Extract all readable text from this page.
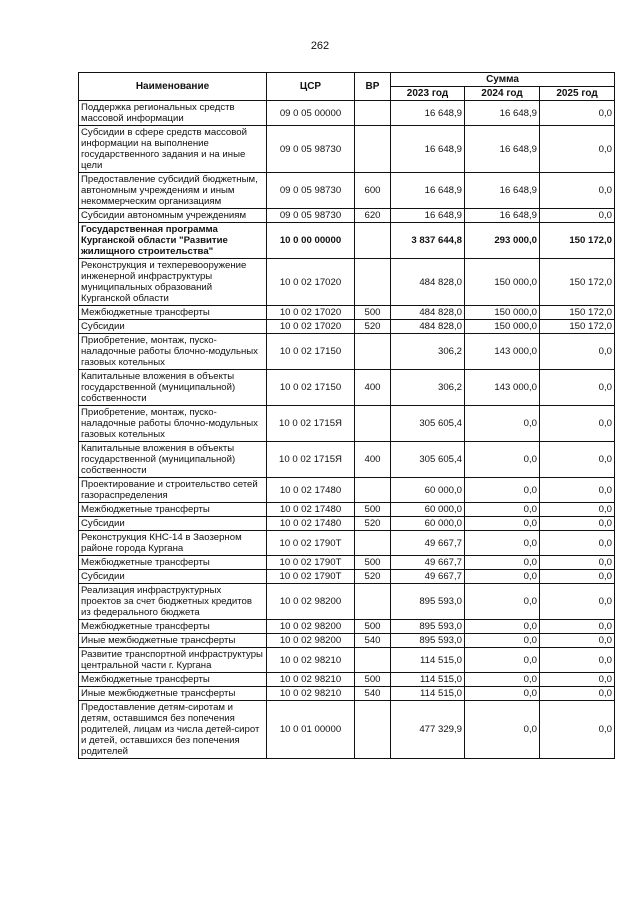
262
Наименование	ЦСР	ВР	Сумма		
			2023 год	2024 год	2025 год
Поддержка региональных средств массовой информации	09 0 05 00000		16 648,9	16 648,9	0,0
Субсидии в сфере средств массовой информации на выполнение государственного задания и на иные цели	09 0 05 98730		16 648,9	16 648,9	0,0
Предоставление субсидий бюджетным, автономным учреждениям и иным некоммерческим организациям	09 0 05 98730	600	16 648,9	16 648,9	0,0
Субсидии автономным учреждениям	09 0 05 98730	620	16 648,9	16 648,9	0,0
Государственная программа Курганской области "Развитие жилищного строительства"	10 0 00 00000		3 837 644,8	293 000,0	150 172,0
Реконструкция и техперевооружение инженерной инфраструктуры муниципальных образований Курганской области	10 0 02 17020		484 828,0	150 000,0	150 172,0
Межбюджетные трансферты	10 0 02 17020	500	484 828,0	150 000,0	150 172,0
Субсидии	10 0 02 17020	520	484 828,0	150 000,0	150 172,0
Приобретение, монтаж, пуско-наладочные работы блочно-модульных газовых котельных	10 0 02 17150		306,2	143 000,0	0,0
Капитальные вложения в объекты государственной (муниципальной) собственности	10 0 02 17150	400	306,2	143 000,0	0,0
Приобретение, монтаж, пуско-наладочные работы блочно-модульных газовых котельных	10 0 02 1715Я		305 605,4	0,0	0,0
Капитальные вложения в объекты государственной (муниципальной) собственности	10 0 02 1715Я	400	305 605,4	0,0	0,0
Проектирование и строительство сетей газораспределения	10 0 02 17480		60 000,0	0,0	0,0
Межбюджетные трансферты	10 0 02 17480	500	60 000,0	0,0	0,0
Субсидии	10 0 02 17480	520	60 000,0	0,0	0,0
Реконструкция КНС-14 в Заозерном районе города Кургана	10 0 02 1790Т		49 667,7	0,0	0,0
Межбюджетные трансферты	10 0 02 1790Т	500	49 667,7	0,0	0,0
Субсидии	10 0 02 1790Т	520	49 667,7	0,0	0,0
Реализация инфраструктурных проектов за счет бюджетных кредитов из федерального бюджета	10 0 02 98200		895 593,0	0,0	0,0
Межбюджетные трансферты	10 0 02 98200	500	895 593,0	0,0	0,0
Иные межбюджетные трансферты	10 0 02 98200	540	895 593,0	0,0	0,0
Развитие транспортной инфраструктуры центральной части г. Кургана	10 0 02 98210		114 515,0	0,0	0,0
Межбюджетные трансферты	10 0 02 98210	500	114 515,0	0,0	0,0
Иные межбюджетные трансферты	10 0 02 98210	540	114 515,0	0,0	0,0
Предоставление детям-сиротам и детям, оставшимся без попечения родителей, лицам из числа детей-сирот и детей, оставшихся без попечения родителей	10 0 01 00000		477 329,9	0,0	0,0
